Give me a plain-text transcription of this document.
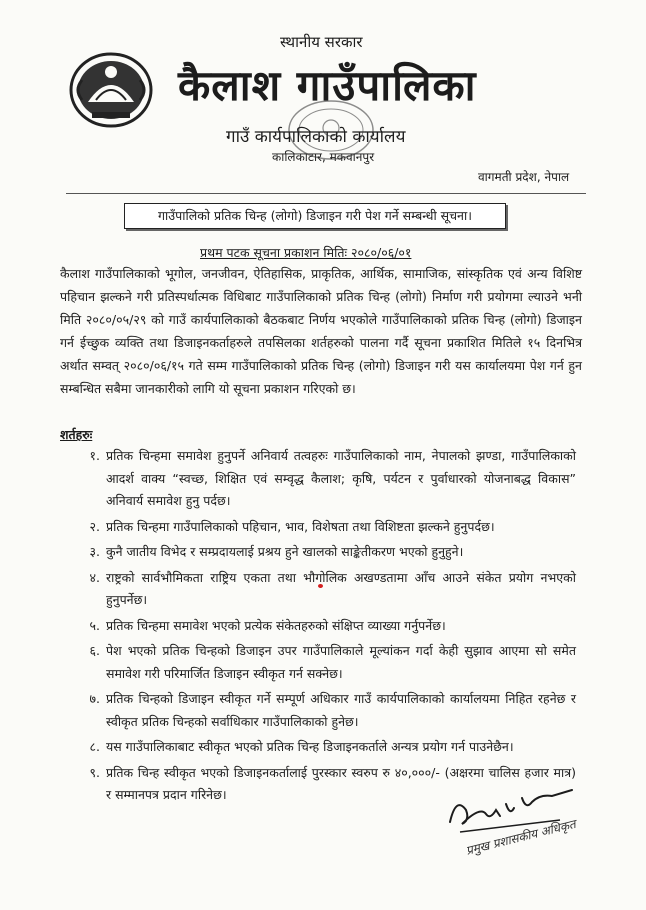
स्थानीय सरकार
कैलाश गाउँपालिका
गाउँ कार्यपालिकाको कार्यालय
कालिकाटार, मकवानपुर
वागमती प्रदेश, नेपाल
गाउँपालिको प्रतिक चिन्ह (लोगो) डिजाइन गरी पेश गर्ने सम्बन्धी सूचना।
प्रथम पटक सूचना प्रकाशन मितिः २०८०/०६/०१
कैलाश गाउँपालिकाको भूगोल, जनजीवन, ऐतिहासिक, प्राकृतिक, आर्थिक, सामाजिक, सांस्कृतिक एवं अन्य विशिष्ट पहिचान झल्कने गरी प्रतिस्पर्धात्मक विधिबाट गाउँपालिकाको प्रतिक चिन्ह (लोगो) निर्माण गरी प्रयोगमा ल्याउने भनी मिति २०८०/०५/२९ को गाउँ कार्यपालिकाको बैठकबाट निर्णय भएकोले गाउँपालिकाको प्रतिक चिन्ह (लोगो) डिजाइन गर्न ईच्छुक व्यक्ति तथा डिजाइनकर्ताहरुले तपसिलका शर्तहरुको पालना गर्दै सूचना प्रकाशित मितिले १५ दिनभित्र अर्थात सम्वत् २०८०/०६/१५ गते सम्म गाउँपालिकाको प्रतिक चिन्ह (लोगो) डिजाइन गरी यस कार्यालयमा पेश गर्न हुन सम्बन्धित सबैमा जानकारीको लागि यो सूचना प्रकाशन गरिएको छ।
शर्तहरुः
१. प्रतिक चिन्हमा समावेश हुनुपर्ने अनिवार्य तत्वहरुः गाउँपालिकाको नाम, नेपालको झण्डा, गाउँपालिकाको आदर्श वाक्य “स्वच्छ, शिक्षित एवं सम्वृद्ध कैलाश; कृषि, पर्यटन र पुर्वाधारको योजनाबद्ध विकास” अनिवार्य समावेश हुनु पर्दछ।
२. प्रतिक चिन्हमा गाउँपालिकाको पहिचान, भाव, विशेषता तथा विशिष्टता झल्कने हुनुपर्दछ।
३. कुनै जातीय विभेद र सम्प्रदायलाई प्रश्रय हुने खालको साङ्केतीकरण भएको हुनुहुने।
४. राष्ट्रको सार्वभौमिकता राष्ट्रिय एकता तथा भौगोलिक अखण्डतामा आँच आउने संकेत प्रयोग नभएको हुनुपर्नेछ।
५. प्रतिक चिन्हमा समावेश भएको प्रत्येक संकेतहरुको संक्षिप्त व्याख्या गर्नुपर्नेछ।
६. पेश भएको प्रतिक चिन्हको डिजाइन उपर गाउँपालिकाले मूल्यांकन गर्दा केही सुझाव आएमा सो समेत समावेश गरी परिमार्जित डिजाइन स्वीकृत गर्न सक्नेछ।
७. प्रतिक चिन्हको डिजाइन स्वीकृत गर्ने सम्पूर्ण अधिकार गाउँ कार्यपालिकाको कार्यालयमा निहित रहनेछ र स्वीकृत प्रतिक चिन्हको सर्वाधिकार गाउँपालिकाको हुनेछ।
८. यस गाउँपालिकाबाट स्वीकृत भएको प्रतिक चिन्ह डिजाइनकर्ताले अन्यत्र प्रयोग गर्न पाउनेछैन।
९. प्रतिक चिन्ह स्वीकृत भएको डिजाइनकर्तालाई पुरस्कार स्वरुप रु ४०,०००/- (अक्षरमा चालिस हजार मात्र) र सम्मानपत्र प्रदान गरिनेछ।
प्रमुख प्रशासकीय अधिकृत
